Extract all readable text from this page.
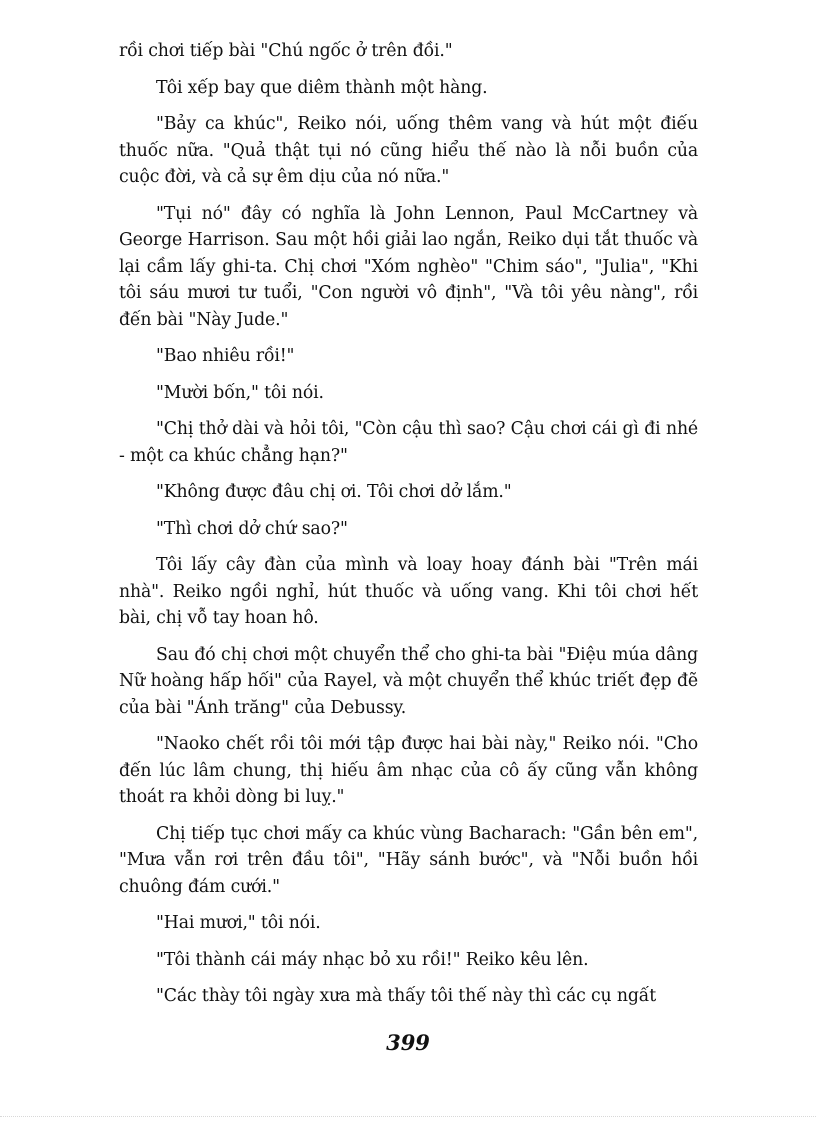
rồi chơi tiếp bài "Chú ngốc ở trên đồi."

Tôi xếp bay que diêm thành một hàng.

"Bảy ca khúc", Reiko nói, uống thêm vang và hút một điếu thuốc nữa. "Quả thật tụi nó cũng hiểu thế nào là nỗi buồn của cuộc đời, và cả sự êm dịu của nó nữa."

"Tụi nó" đây có nghĩa là John Lennon, Paul McCartney và George Harrison. Sau một hồi giải lao ngắn, Reiko dụi tắt thuốc và lại cầm lấy ghi-ta. Chị chơi "Xóm nghèo" "Chim sáo", "Julia", "Khi tôi sáu mươi tư tuổi, "Con người vô định", "Và tôi yêu nàng", rồi đến bài "Này Jude."

"Bao nhiêu rồi!"

"Mười bốn," tôi nói.

"Chị thở dài và hỏi tôi, "Còn cậu thì sao? Cậu chơi cái gì đi nhé - một ca khúc chẳng hạn?"

"Không được đâu chị ơi. Tôi chơi dở lắm."

"Thì chơi dở chứ sao?"

Tôi lấy cây đàn của mình và loay hoay đánh bài "Trên mái nhà". Reiko ngồi nghỉ, hút thuốc và uống vang. Khi tôi chơi hết bài, chị vỗ tay hoan hô.

Sau đó chị chơi một chuyển thể cho ghi-ta bài "Điệu múa dâng Nữ hoàng hấp hối" của Rayel, và một chuyển thể khúc triết đẹp đẽ của bài "Ánh trăng" của Debussy.

"Naoko chết rồi tôi mới tập được hai bài này," Reiko nói. "Cho đến lúc lâm chung, thị hiếu âm nhạc của cô ấy cũng vẫn không thoát ra khỏi dòng bi luỵ."

Chị tiếp tục chơi mấy ca khúc vùng Bacharach: "Gần bên em", "Mưa vẫn rơi trên đầu tôi", "Hãy sánh bước", và "Nỗi buồn hồi chuông đám cưới."

"Hai mươi," tôi nói.

"Tôi thành cái máy nhạc bỏ xu rồi!" Reiko kêu lên.

"Các thày tôi ngày xưa mà thấy tôi thế này thì các cụ ngất

399
